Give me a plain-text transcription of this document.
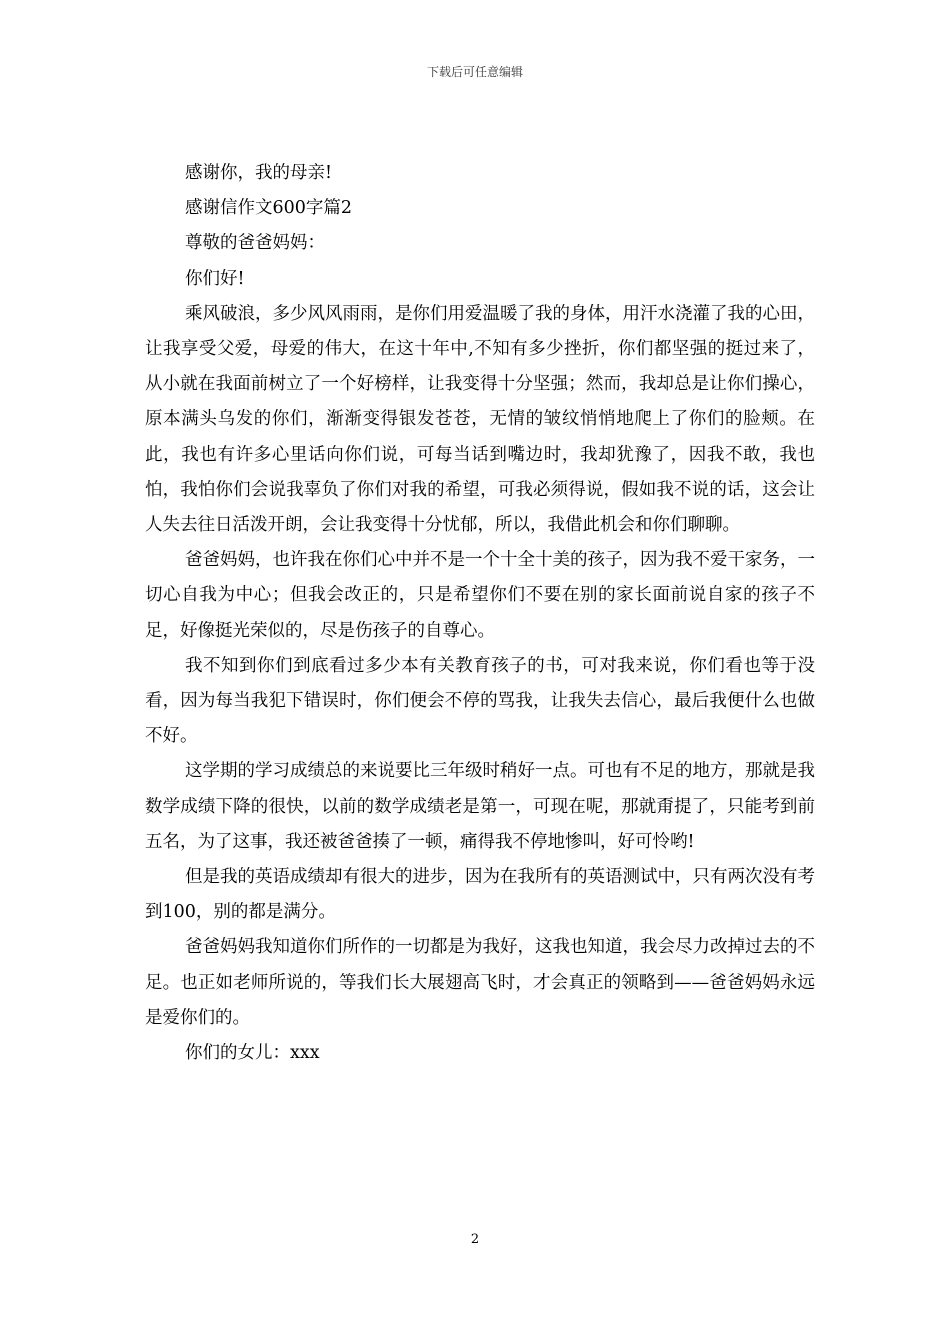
下载后可任意编辑

感谢你，我的母亲!

感谢信作文600字篇2

尊敬的爸爸妈妈：

你们好!

乘风破浪，多少风风雨雨，是你们用爱温暖了我的身体，用汗水浇灌了我的心田，让我享受父爱，母爱的伟大，在这十年中,不知有多少挫折，你们都坚强的挺过来了，从小就在我面前树立了一个好榜样，让我变得十分坚强；然而，我却总是让你们操心，原本满头乌发的你们，渐渐变得银发苍苍，无情的皱纹悄悄地爬上了你们的脸颊。在此，我也有许多心里话向你们说，可每当话到嘴边时，我却犹豫了，因我不敢，我也怕，我怕你们会说我辜负了你们对我的希望，可我必须得说，假如我不说的话，这会让人失去往日活泼开朗，会让我变得十分忧郁，所以，我借此机会和你们聊聊。

爸爸妈妈，也许我在你们心中并不是一个十全十美的孩子，因为我不爱干家务，一切心自我为中心；但我会改正的，只是希望你们不要在别的家长面前说自家的孩子不足，好像挺光荣似的，尽是伤孩子的自尊心。

我不知到你们到底看过多少本有关教育孩子的书，可对我来说，你们看也等于没看，因为每当我犯下错误时，你们便会不停的骂我，让我失去信心，最后我便什么也做不好。

这学期的学习成绩总的来说要比三年级时稍好一点。可也有不足的地方，那就是我数学成绩下降的很快，以前的数学成绩老是第一，可现在呢，那就甭提了，只能考到前五名，为了这事，我还被爸爸揍了一顿，痛得我不停地惨叫，好可怜哟!

但是我的英语成绩却有很大的进步，因为在我所有的英语测试中，只有两次没有考到100，别的都是满分。

爸爸妈妈我知道你们所作的一切都是为我好，这我也知道，我会尽力改掉过去的不足。也正如老师所说的，等我们长大展翅高飞时，才会真正的领略到——爸爸妈妈永远是爱你们的。

你们的女儿：xxx

2
